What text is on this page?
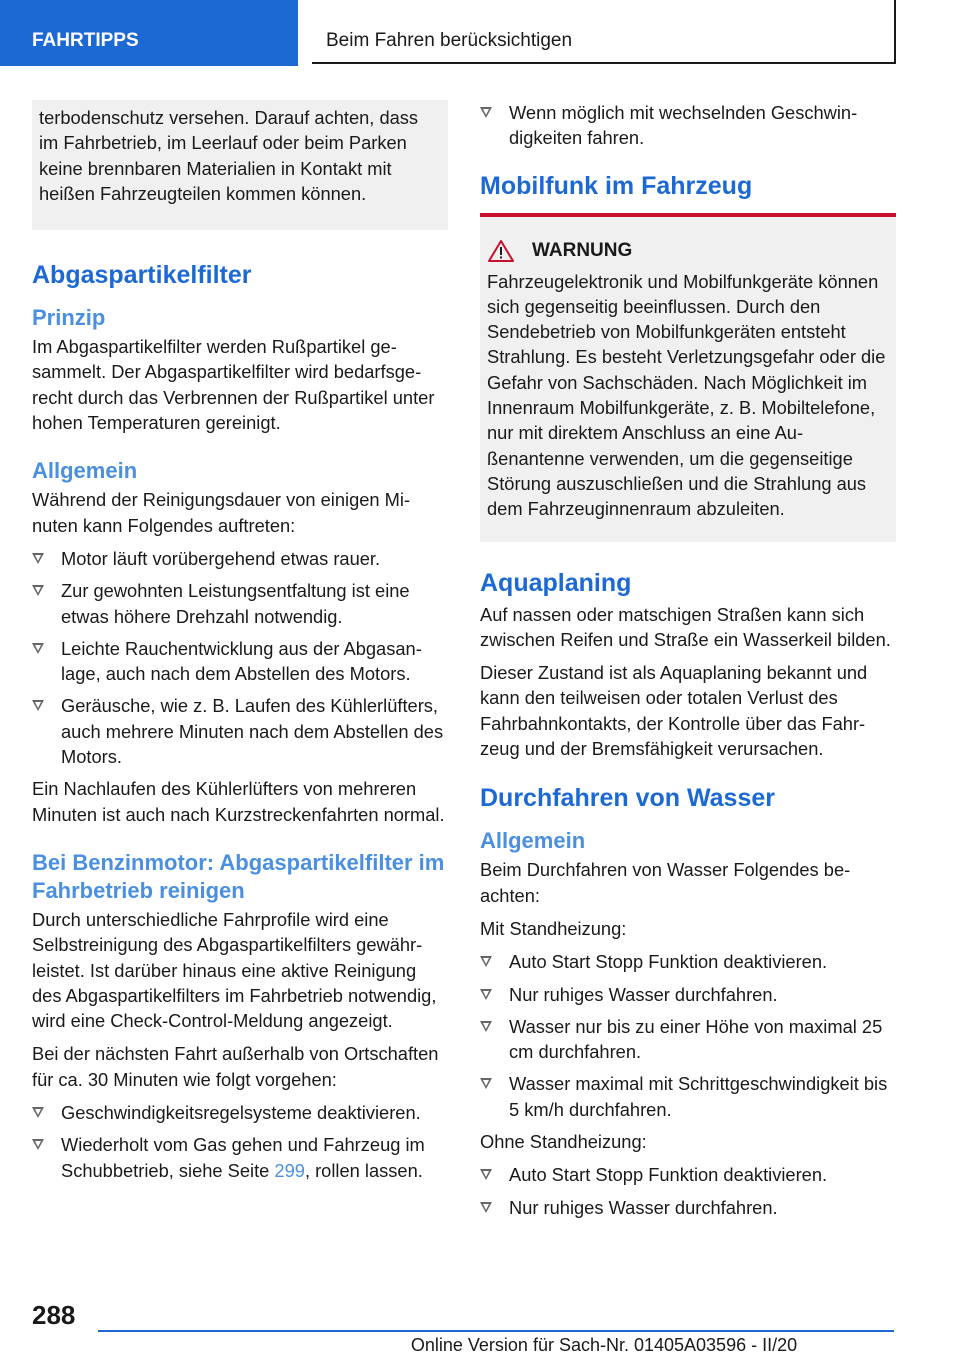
FAHRTIPPS	Beim Fahren berücksichtigen

terbodenschutz versehen. Darauf achten, dass im Fahrbetrieb, im Leerlauf oder beim Parken keine brennbaren Materialien in Kontakt mit heißen Fahrzeugteilen kommen können.

Abgaspartikelfilter
Prinzip

Im Abgaspartikelfilter werden Rußpartikel gesammelt. Der Abgaspartikelfilter wird bedarfsgerecht durch das Verbrennen der Rußpartikel unter hohen Temperaturen gereinigt.

Allgemein

Während der Reinigungsdauer von einigen Minuten kann Folgendes auftreten:

Motor läuft vorübergehend etwas rauer.
Zur gewohnten Leistungsentfaltung ist eine etwas höhere Drehzahl notwendig.
Leichte Rauchentwicklung aus der Abgasanlage, auch nach dem Abstellen des Motors.
Geräusche, wie z. B. Laufen des Kühlerlüfters, auch mehrere Minuten nach dem Abstellen des Motors.

Ein Nachlaufen des Kühlerlüfters von mehreren Minuten ist auch nach Kurzstreckenfahrten normal.

Bei Benzinmotor: Abgaspartikelfilter im Fahrbetrieb reinigen

Durch unterschiedliche Fahrprofile wird eine Selbstreinigung des Abgaspartikelfilters gewährleistet. Ist darüber hinaus eine aktive Reinigung des Abgaspartikelfilters im Fahrbetrieb notwendig, wird eine Check-Control-Meldung angezeigt.

Bei der nächsten Fahrt außerhalb von Ortschaften für ca. 30 Minuten wie folgt vorgehen:

Geschwindigkeitsregelsysteme deaktivieren.
Wiederholt vom Gas gehen und Fahrzeug im Schubbetrieb, siehe Seite 299, rollen lassen.
Wenn möglich mit wechselnden Geschwindigkeiten fahren.
Mobilfunk im Fahrzeug
WARNUNG

Fahrzeugelektronik und Mobilfunkgeräte können sich gegenseitig beeinflussen. Durch den Sendebetrieb von Mobilfunkgeräten entsteht Strahlung. Es besteht Verletzungsgefahr oder die Gefahr von Sachschäden. Nach Möglichkeit im Innenraum Mobilfunkgeräte, z. B. Mobiltelefone, nur mit direktem Anschluss an eine Außenantenne verwenden, um die gegenseitige Störung auszuschließen und die Strahlung aus dem Fahrzeuginnenraum abzuleiten.

Aquaplaning

Auf nassen oder matschigen Straßen kann sich zwischen Reifen und Straße ein Wasserkeil bilden.

Dieser Zustand ist als Aquaplaning bekannt und kann den teilweisen oder totalen Verlust des Fahrbahnkontakts, der Kontrolle über das Fahrzeug und der Bremsfähigkeit verursachen.

Durchfahren von Wasser
Allgemein

Beim Durchfahren von Wasser Folgendes beachten:

Mit Standheizung:

Auto Start Stopp Funktion deaktivieren.
Nur ruhiges Wasser durchfahren.
Wasser nur bis zu einer Höhe von maximal 25 cm durchfahren.
Wasser maximal mit Schrittgeschwindigkeit bis 5 km/h durchfahren.

Ohne Standheizung:

Auto Start Stopp Funktion deaktivieren.
Nur ruhiges Wasser durchfahren.
288
Online Version für Sach-Nr. 01405A03596 - II/20
